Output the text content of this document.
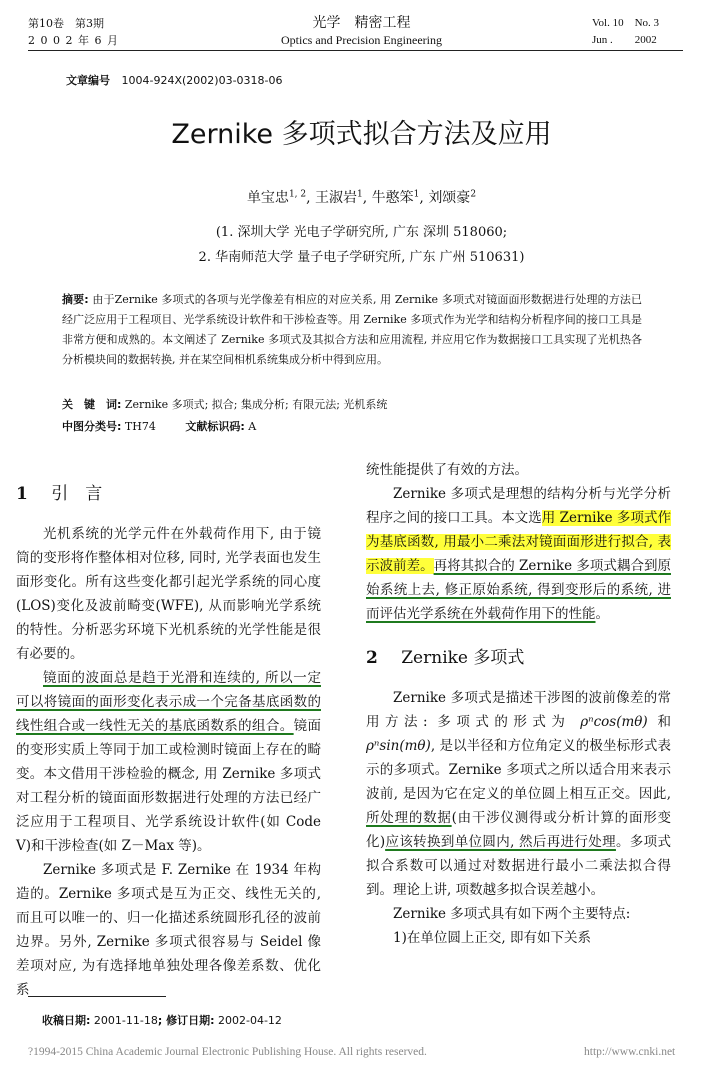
第10卷　第3期
2 0 0 2 年 6 月
光学　精密工程
Optics and Precision Engineering
Vol. 10　No. 3
Jun .　　2002
文章编号 1004-924X(2002)03-0318-06
Zernike 多项式拟合方法及应用
单宝忠$^{1, 2}$, 王淑岩$^1$, 牛憨笨$^1$, 刘颂豪$^2$
(1. 深圳大学 光电子学研究所, 广东 深圳 518060;
2. 华南师范大学 量子电子学研究所, 广东 广州 510631)
摘要: 由于Zernike 多项式的各项与光学像差有相应的对应关系, 用 Zernike 多项式对镜面面形数据进行处理的方法已经广泛应用于工程项目、光学系统设计软件和干涉检查等。用 Zernike 多项式作为光学和结构分析程序间的接口工具是非常方便和成熟的。本文阐述了 Zernike 多项式及其拟合方法和应用流程, 并应用它作为数据接口工具实现了光机热各分析模块间的数据转换, 并在某空间相机系统集成分析中得到应用。
关　键　词: Zernike 多项式; 拟合; 集成分析; 有限元法; 光机系统
中图分类号: TH74	文献标识码: A
1 引　言

光机系统的光学元件在外载荷作用下, 由于镜筒的变形将作整体相对位移, 同时, 光学表面也发生面形变化。所有这些变化都引起光学系统的同心度(LOS)变化及波前畸变(WFE), 从而影响光学系统的特性。分析恶劣环境下光机系统的光学性能是很有必要的。

镜面的波面总是趋于光滑和连续的, 所以一定可以将镜面的面形变化表示成一个完备基底函数的线性组合或一线性无关的基底函数系的组合。镜面的变形实质上等同于加工或检测时镜面上存在的畸变。本文借用干涉检验的概念, 用 Zernike 多项式对工程分析的镜面面形数据进行处理的方法已经广泛应用于工程项目、光学系统设计软件(如 Code V)和干涉检查(如 Z－Max 等)。

Zernike 多项式是 F. Zernike 在 1934 年构造的。Zernike 多项式是互为正交、线性无关的, 而且可以唯一的、归一化描述系统圆形孔径的波前边界。另外, Zernike 多项式很容易与 Seidel 像差项对应, 为有选择地单独处理各像差系数、优化系

统性能提供了有效的方法。

Zernike 多项式是理想的结构分析与光学分析程序之间的接口工具。本文选用 Zernike 多项式作为基底函数, 用最小二乘法对镜面面形进行拟合, 表示波前差。再将其拟合的 Zernike 多项式耦合到原始系统上去, 修正原始系统, 得到变形后的系统, 进而评估光学系统在外载荷作用下的性能。

2 Zernike 多项式

Zernike 多项式是描述干涉图的波前像差的常用方法: 多项式的形式为 ρⁿcos(mθ) 和 ρⁿsin(mθ), 是以半径和方位角定义的极坐标形式表示的多项式。Zernike 多项式之所以适合用来表示波前, 是因为它在定义的单位圆上相互正交。因此, 所处理的数据(由干涉仪测得或分析计算的面形变化)应该转换到单位圆内, 然后再进行处理。多项式拟合系数可以通过对数据进行最小二乘法拟合得到。理论上讲, 项数越多拟合误差越小。

Zernike 多项式具有如下两个主要特点:

1)在单位圆上正交, 即有如下关系

收稿日期: 2001-11-18; 修订日期: 2002-04-12
?1994-2015 China Academic Journal Electronic Publishing House. All rights reserved.	http://www.cnki.net
